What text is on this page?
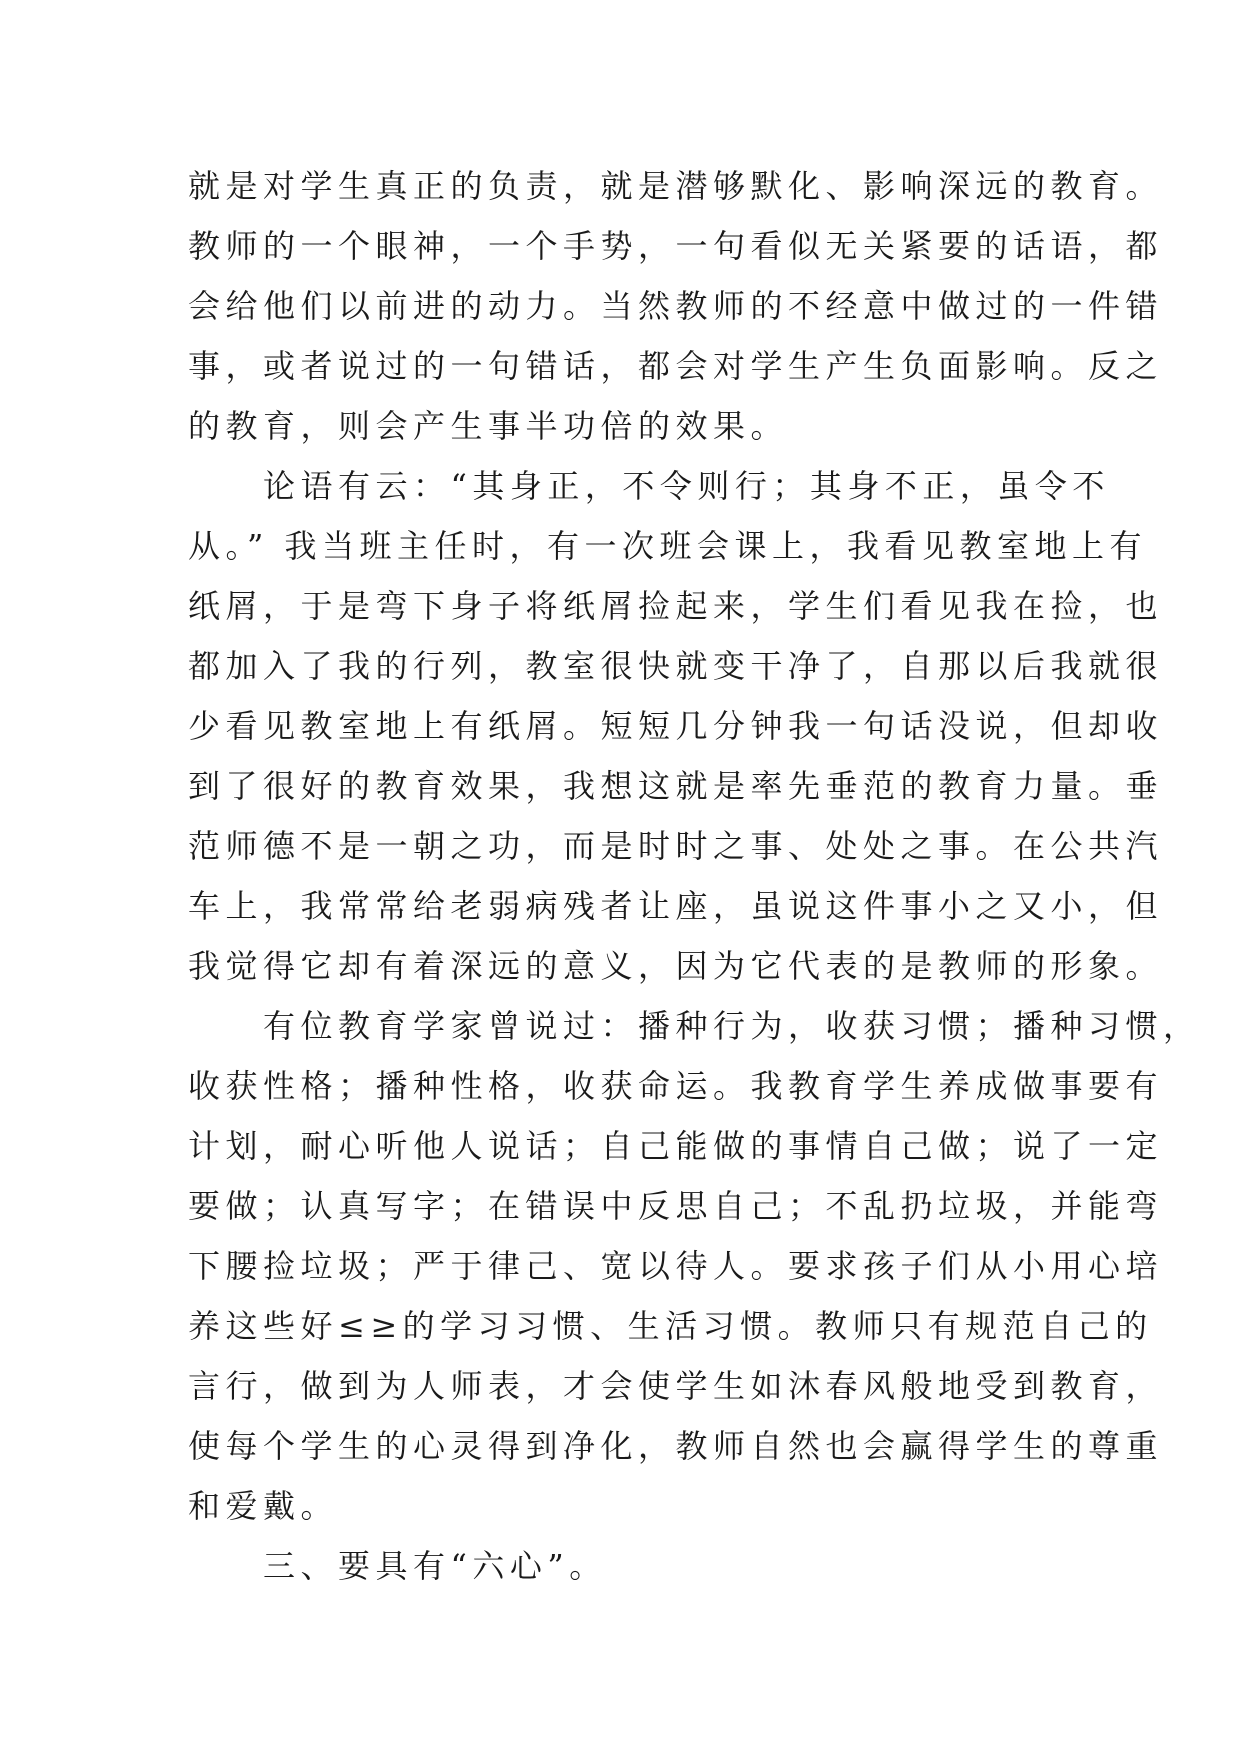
就是对学生真正的负责，就是潜够默化、影响深远的教育。
教师的一个眼神，一个手势，一句看似无关紧要的话语，都
会给他们以前进的动力。当然教师的不经意中做过的一件错
事，或者说过的一句错话，都会对学生产生负面影响。反之
的教育，则会产生事半功倍的效果。
　　论语有云：“其身正，不令则行；其身不正，虽令不
从。” 我当班主任时，有一次班会课上，我看见教室地上有
纸屑，于是弯下身子将纸屑捡起来，学生们看见我在捡，也
都加入了我的行列，教室很快就变干净了，自那以后我就很
少看见教室地上有纸屑。短短几分钟我一句话没说，但却收
到了很好的教育效果，我想这就是率先垂范的教育力量。垂
范师德不是一朝之功，而是时时之事、处处之事。在公共汽
车上，我常常给老弱病残者让座，虽说这件事小之又小，但
我觉得它却有着深远的意义，因为它代表的是教师的形象。
　　有位教育学家曾说过：播种行为，收获习惯；播种习惯，
收获性格；播种性格，收获命运。我教育学生养成做事要有
计划，耐心听他人说话；自己能做的事情自己做；说了一定
要做；认真写字；在错误中反思自己；不乱扔垃圾，并能弯
下腰捡垃圾；严于律己、宽以待人。要求孩子们从小用心培
养这些好≤≥的学习习惯、生活习惯。教师只有规范自己的
言行，做到为人师表，才会使学生如沐春风般地受到教育，
使每个学生的心灵得到净化，教师自然也会赢得学生的尊重
和爱戴。
　　三、要具有“六心”。
